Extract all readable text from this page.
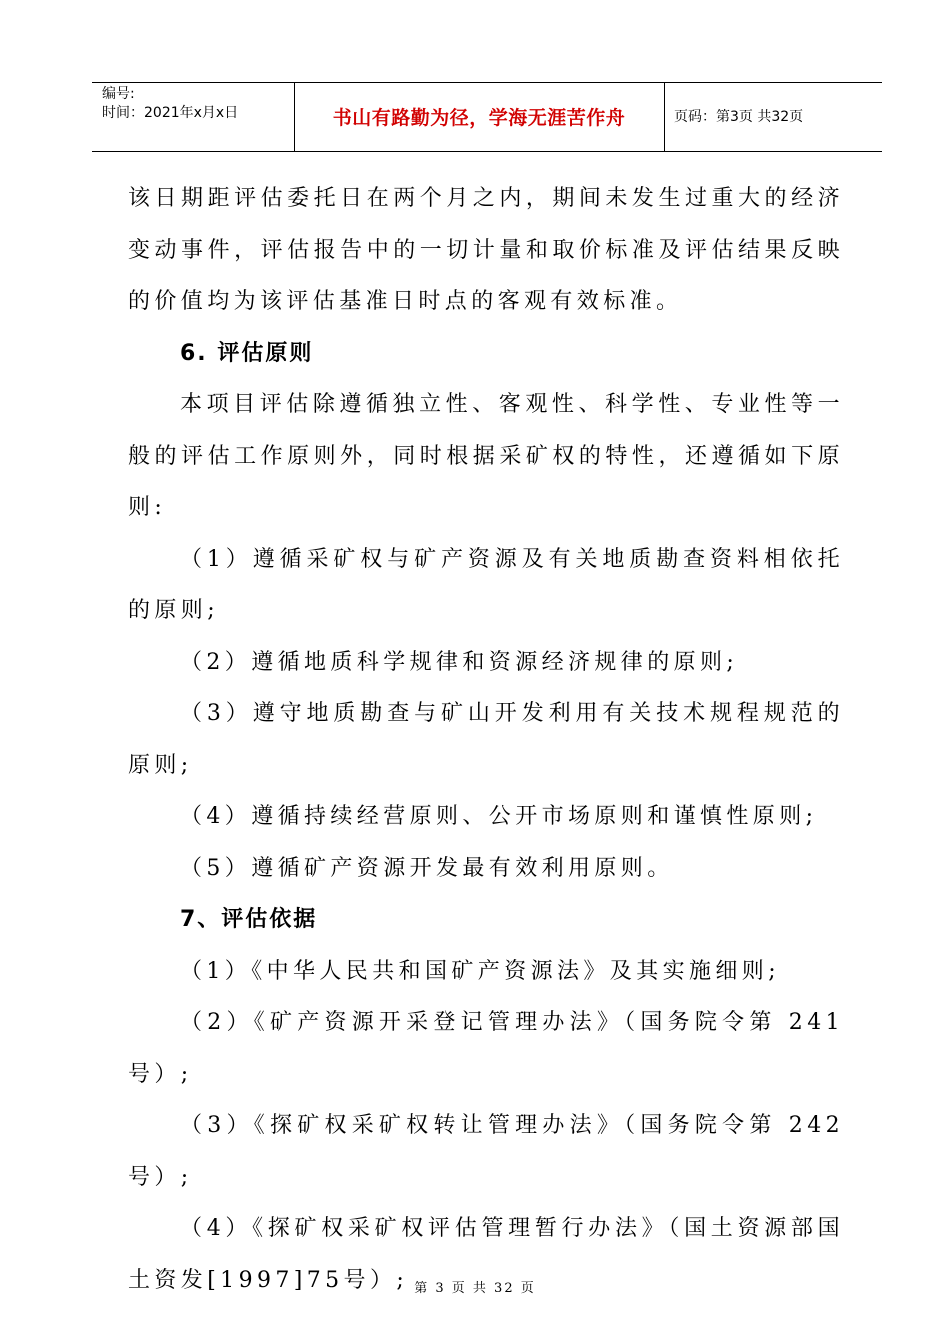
编号:
时间：2021年x月x日	书山有路勤为径，学海无涯苦作舟	页码：第3页 共32页

该日期距评估委托日在两个月之内，期间未发生过重大的经济变动事件，评估报告中的一切计量和取价标准及评估结果反映的价值均为该评估基准日时点的客观有效标准。

6. 评估原则

本项目评估除遵循独立性、客观性、科学性、专业性等一般的评估工作原则外，同时根据采矿权的特性，还遵循如下原则:

（1）遵循采矿权与矿产资源及有关地质勘查资料相依托的原则;

（2）遵循地质科学规律和资源经济规律的原则;

（3）遵守地质勘查与矿山开发利用有关技术规程规范的原则;

（4）遵循持续经营原则、公开市场原则和谨慎性原则;

（5）遵循矿产资源开发最有效利用原则。

7、评估依据

（1）《中华人民共和国矿产资源法》及其实施细则;

（2）《矿产资源开采登记管理办法》（国务院令第 241号）;

（3）《探矿权采矿权转让管理办法》（国务院令第 242号）;

（4）《探矿权采矿权评估管理暂行办法》（国土资源部国土资发[1997]75号）; 第 3 页 共 32 页
